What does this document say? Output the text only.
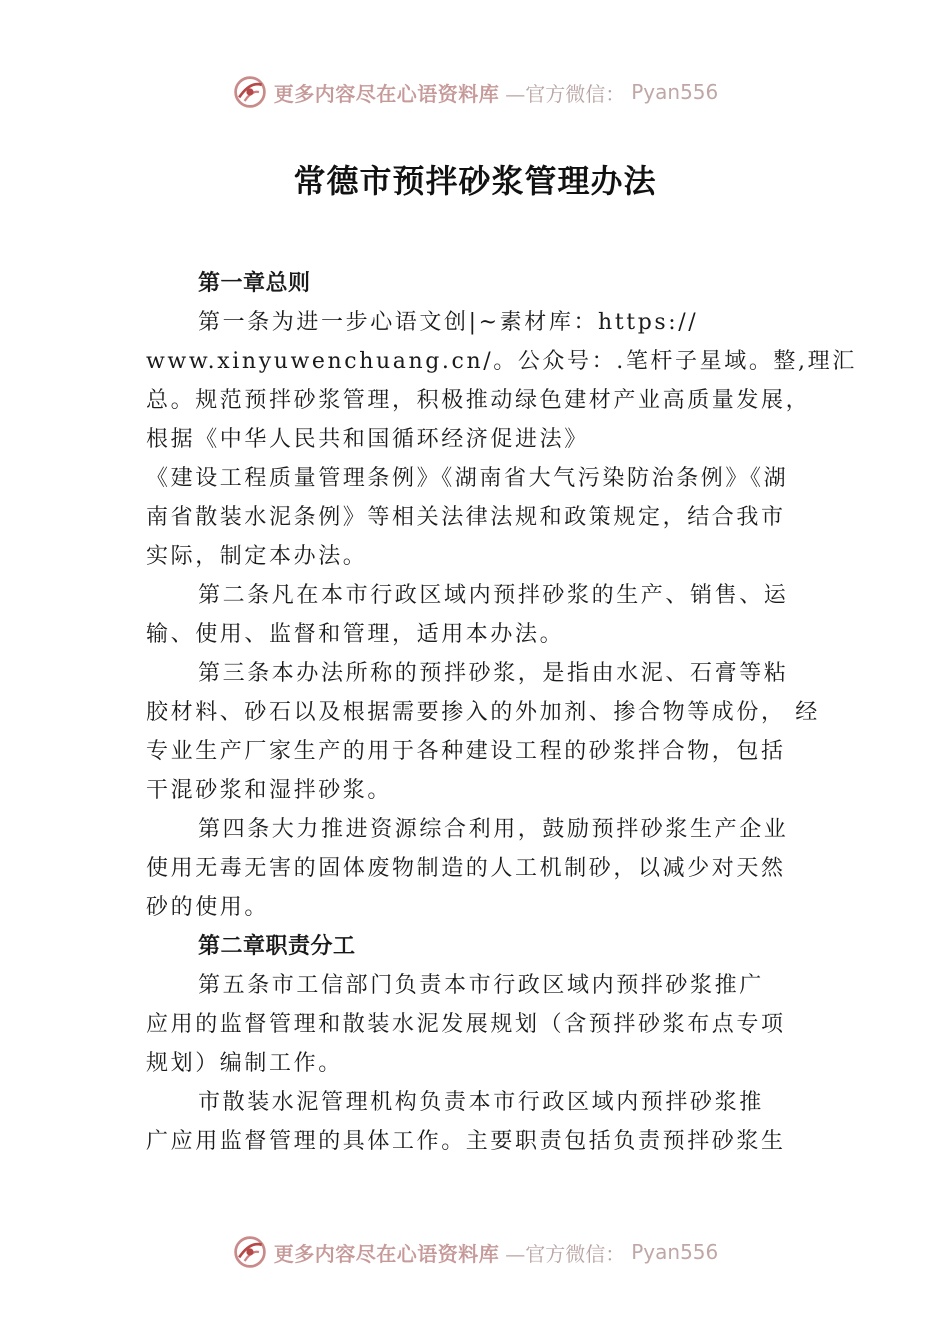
更多内容尽在心语资料库 —官方微信： Pyan556
常德市预拌砂浆管理办法
第一章总则
第一条为进一步心语文创|~素材库：https://
www.xinyuwenchuang.cn/。公众号：.笔杆子星域。整,理汇
总。规范预拌砂浆管理，积极推动绿色建材产业高质量发展，
根据《中华人民共和国循环经济促进法》
《建设工程质量管理条例》《湖南省大气污染防治条例》《湖
南省散装水泥条例》等相关法律法规和政策规定，结合我市
实际，制定本办法。
第二条凡在本市行政区域内预拌砂浆的生产、销售、运
输、使用、监督和管理，适用本办法。
第三条本办法所称的预拌砂浆，是指由水泥、石膏等粘
胶材料、砂石以及根据需要掺入的外加剂、掺合物等成份， 经
专业生产厂家生产的用于各种建设工程的砂浆拌合物，包括
干混砂浆和湿拌砂浆。
第四条大力推进资源综合利用，鼓励预拌砂浆生产企业
使用无毒无害的固体废物制造的人工机制砂，以减少对天然
砂的使用。
第二章职责分工
第五条市工信部门负责本市行政区域内预拌砂浆推广
应用的监督管理和散装水泥发展规划（含预拌砂浆布点专项
规划）编制工作。
市散装水泥管理机构负责本市行政区域内预拌砂浆推
广应用监督管理的具体工作。主要职责包括负责预拌砂浆生
更多内容尽在心语资料库 —官方微信： Pyan556
